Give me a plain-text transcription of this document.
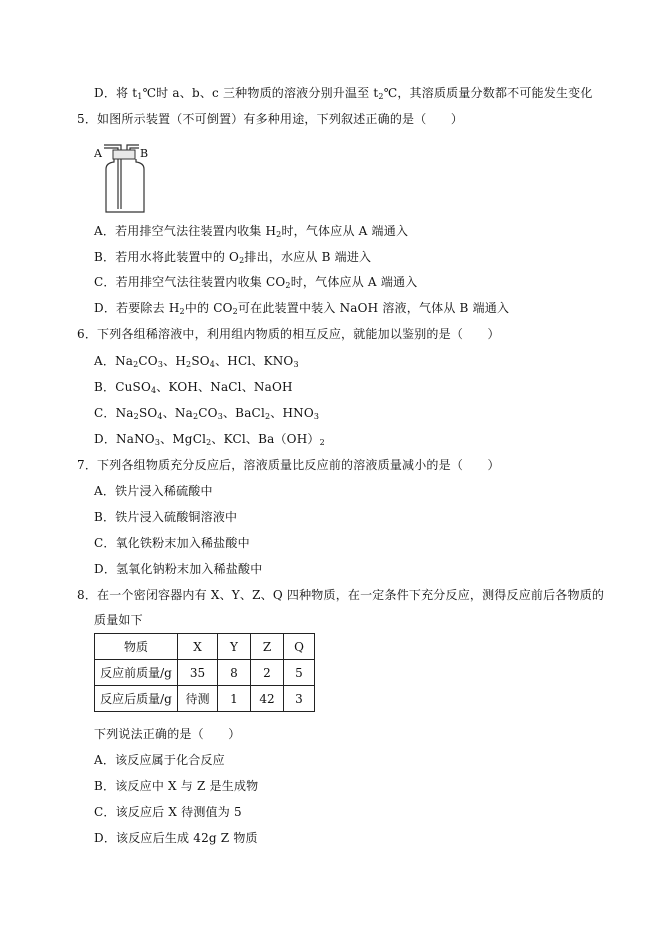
D．将 $t_1℃$时 a、b、c 三种物质的溶液分别升温至 $t_2℃$，其溶质质量分数都不可能发生变化
5．如图所示装置（不可倒置）有多种用途，下列叙述正确的是（　　）
A	B
A．若用排空气法往装置内收集 $H_2$时，气体应从 A 端通入
B．若用水将此装置中的 $O_2$排出，水应从 B 端进入
C．若用排空气法往装置内收集 $CO_2$时，气体应从 A 端通入
D．若要除去 $H_2$中的 $CO_2$可在此装置中装入 NaOH 溶液，气体从 B 端通入
6．下列各组稀溶液中，利用组内物质的相互反应，就能加以鉴别的是（　　）
A．$Na_2CO_3$、$H_2SO_4$、HCl、$KNO_3$
B．CuSO$_4$、KOH、NaCl、NaOH
C．$Na_2SO_4$、$Na_2CO_3$、BaCl$_2$、$HNO_3$
D．NaNO$_3$、MgCl$_2$、KCl、$Ba(OH)_2$
7．下列各组物质充分反应后，溶液质量比反应前的溶液质量减小的是（　　）
A．铁片浸入稀硫酸中
B．铁片浸入硫酸铜溶液中
C．氧化铁粉末加入稀盐酸中
D．氢氧化钠粉末加入稀盐酸中
8．在一个密闭容器内有 X、Y、Z、Q 四种物质，在一定条件下充分反应，测得反应前后各物质的
质量如下
物质	X	Y	Z	Q
反应前质量/g	35	8	2	5
反应后质量/g	待测	1	42	3
下列说法正确的是（　　）
A．该反应属于化合反应
B．该反应中 X 与 Z 是生成物
C．该反应后 X 待测值为 5
D．该反应后生成 42g Z 物质
